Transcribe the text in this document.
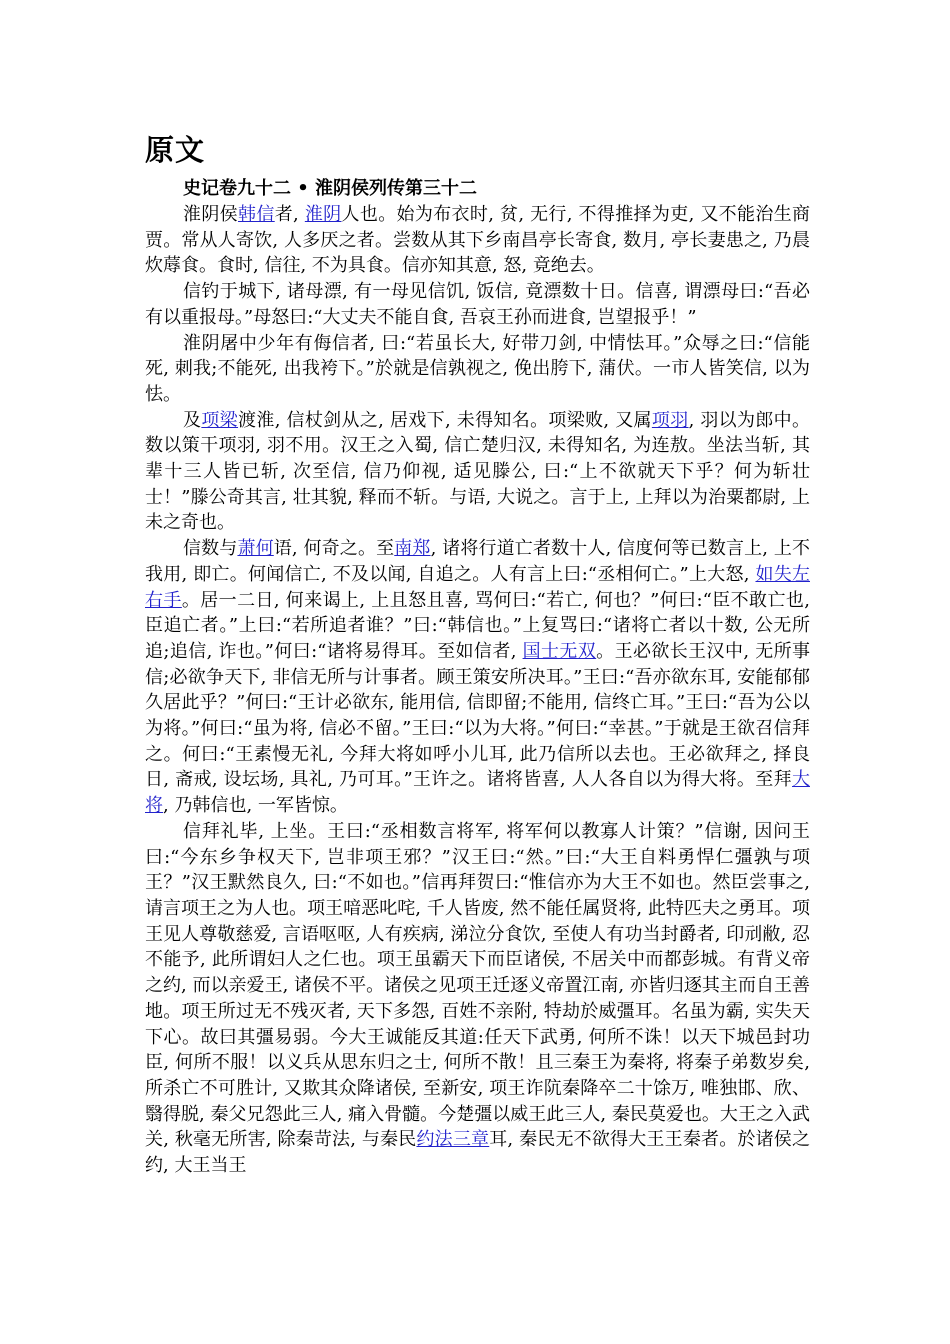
原文
史记卷九十二 • 淮阴侯列传第三十二

淮阴侯韩信者, 淮阴人也。始为布衣时, 贫, 无行, 不得推择为吏, 又不能治生商贾。常从人寄饮, 人多厌之者。尝数从其下乡南昌亭长寄食, 数月, 亭长妻患之, 乃晨炊蓐食。食时, 信往, 不为具食。信亦知其意, 怒, 竟绝去。

信钓于城下, 诸母漂, 有一母见信饥, 饭信, 竟漂数十日。信喜, 谓漂母曰:“吾必有以重报母。”母怒曰:“大丈夫不能自食, 吾哀王孙而进食, 岂望报乎！”

淮阴屠中少年有侮信者, 曰:“若虽长大, 好带刀剑, 中情怯耳。”众辱之曰:“信能死, 刺我;不能死, 出我袴下。”於就是信孰视之, 俛出胯下, 蒲伏。一市人皆笑信, 以为怯。

及项梁渡淮, 信杖剑从之, 居戏下, 未得知名。项梁败, 又属项羽, 羽以为郎中。数以策干项羽, 羽不用。汉王之入蜀, 信亡楚归汉, 未得知名, 为连敖。坐法当斩, 其辈十三人皆已斩, 次至信, 信乃仰视, 适见滕公, 曰:“上不欲就天下乎？何为斩壮士！”滕公奇其言, 壮其貌, 释而不斩。与语, 大说之。言于上, 上拜以为治粟都尉, 上未之奇也。

信数与萧何语, 何奇之。至南郑, 诸将行道亡者数十人, 信度何等已数言上, 上不我用, 即亡。何闻信亡, 不及以闻, 自追之。人有言上曰:“丞相何亡。”上大怒, 如失左右手。居一二日, 何来谒上, 上且怒且喜, 骂何曰:“若亡, 何也？”何曰:“臣不敢亡也, 臣追亡者。”上曰:“若所追者谁？”曰:“韩信也。”上复骂曰:“诸将亡者以十数, 公无所追;追信, 诈也。”何曰:“诸将易得耳。至如信者, 国士无双。王必欲长王汉中, 无所事信;必欲争天下, 非信无所与计事者。顾王策安所决耳。”王曰:“吾亦欲东耳, 安能郁郁久居此乎？”何曰:“王计必欲东, 能用信, 信即留;不能用, 信终亡耳。”王曰:“吾为公以为将。”何曰:“虽为将, 信必不留。”王曰:“以为大将。”何曰:“幸甚。”于就是王欲召信拜之。何曰:“王素慢无礼, 今拜大将如呼小儿耳, 此乃信所以去也。王必欲拜之, 择良日, 斋戒, 设坛场, 具礼, 乃可耳。”王许之。诸将皆喜, 人人各自以为得大将。至拜大将, 乃韩信也, 一军皆惊。

信拜礼毕, 上坐。王曰:“丞相数言将军, 将军何以教寡人计策？”信谢, 因问王曰:“今东乡争权天下, 岂非项王邪？”汉王曰:“然。”曰:“大王自料勇悍仁彊孰与项王？”汉王默然良久, 曰:“不如也。”信再拜贺曰:“惟信亦为大王不如也。然臣尝事之, 请言项王之为人也。项王喑恶叱咤, 千人皆废, 然不能任属贤将, 此特匹夫之勇耳。项王见人尊敬慈爱, 言语呕呕, 人有疾病, 涕泣分食饮, 至使人有功当封爵者, 印刓敝, 忍不能予, 此所谓妇人之仁也。项王虽霸天下而臣诸侯, 不居关中而都彭城。有背义帝之约, 而以亲爱王, 诸侯不平。诸侯之见项王迁逐义帝置江南, 亦皆归逐其主而自王善地。项王所过无不残灭者, 天下多怨, 百姓不亲附, 特劫於威彊耳。名虽为霸, 实失天下心。故曰其彊易弱。今大王诚能反其道:任天下武勇, 何所不诛！以天下城邑封功臣, 何所不服！以义兵从思东归之士, 何所不散！且三秦王为秦将, 将秦子弟数岁矣, 所杀亡不可胜计, 又欺其众降诸侯, 至新安, 项王诈阬秦降卒二十馀万, 唯独邯、欣、翳得脱, 秦父兄怨此三人, 痛入骨髓。今楚彊以威王此三人, 秦民莫爱也。大王之入武关, 秋毫无所害, 除秦苛法, 与秦民约法三章耳, 秦民无不欲得大王王秦者。於诸侯之约, 大王当王
